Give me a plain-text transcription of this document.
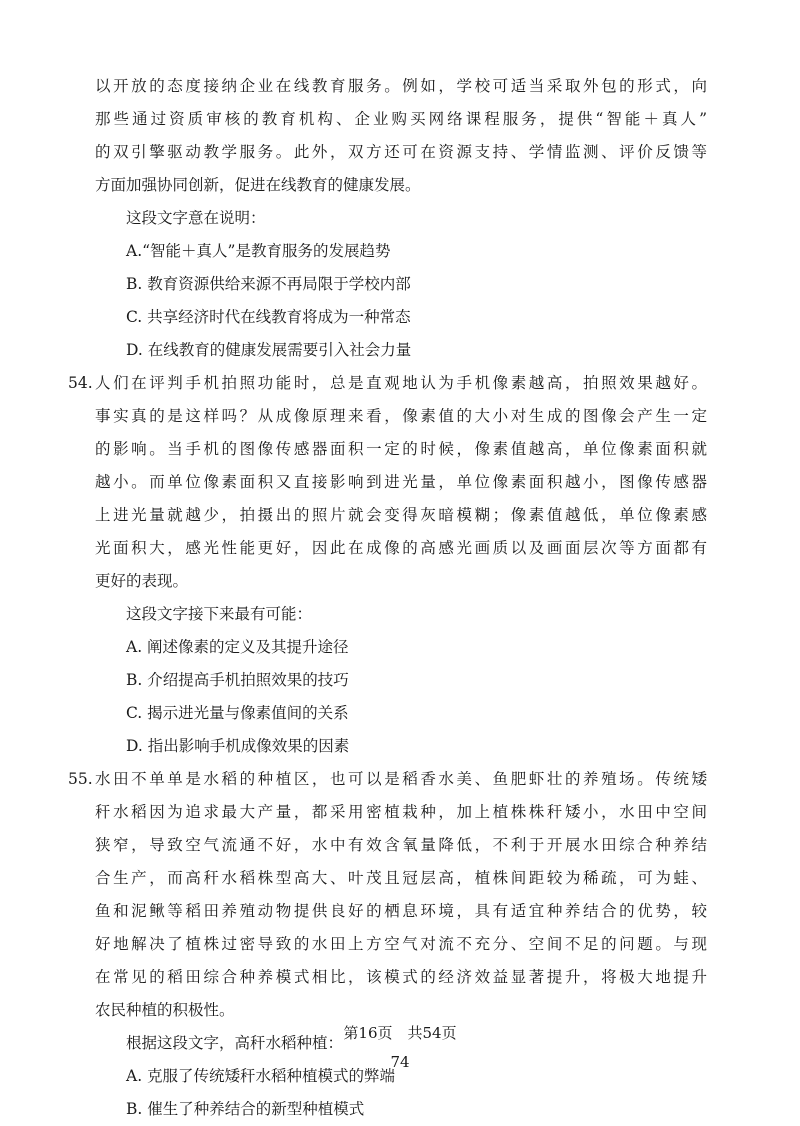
以开放的态度接纳企业在线教育服务。例如，学校可适当采取外包的形式，向
那些通过资质审核的教育机构、企业购买网络课程服务，提供“智能＋真人”
的双引擎驱动教学服务。此外，双方还可在资源支持、学情监测、评价反馈等
方面加强协同创新，促进在线教育的健康发展。
这段文字意在说明：
A.“智能＋真人”是教育服务的发展趋势
B. 教育资源供给来源不再局限于学校内部
C. 共享经济时代在线教育将成为一种常态
D. 在线教育的健康发展需要引入社会力量
54. 人们在评判手机拍照功能时，总是直观地认为手机像素越高，拍照效果越好。
事实真的是这样吗？从成像原理来看，像素值的大小对生成的图像会产生一定
的影响。当手机的图像传感器面积一定的时候，像素值越高，单位像素面积就
越小。而单位像素面积又直接影响到进光量，单位像素面积越小，图像传感器
上进光量就越少，拍摄出的照片就会变得灰暗模糊；像素值越低，单位像素感
光面积大，感光性能更好，因此在成像的高感光画质以及画面层次等方面都有
更好的表现。
这段文字接下来最有可能：
A. 阐述像素的定义及其提升途径
B. 介绍提高手机拍照效果的技巧
C. 揭示进光量与像素值间的关系
D. 指出影响手机成像效果的因素
55. 水田不单单是水稻的种植区，也可以是稻香水美、鱼肥虾壮的养殖场。传统矮
秆水稻因为追求最大产量，都采用密植栽种，加上植株株秆矮小，水田中空间
狭窄，导致空气流通不好，水中有效含氧量降低，不利于开展水田综合种养结
合生产，而高秆水稻株型高大、叶茂且冠层高，植株间距较为稀疏，可为蛙、
鱼和泥鳅等稻田养殖动物提供良好的栖息环境，具有适宜种养结合的优势，较
好地解决了植株过密导致的水田上方空气对流不充分、空间不足的问题。与现
在常见的稻田综合种养模式相比，该模式的经济效益显著提升，将极大地提升
农民种植的积极性。
根据这段文字，高秆水稻种植：
A. 克服了传统矮秆水稻种植模式的弊端
B. 催生了种养结合的新型种植模式
第16页　共54页
74
